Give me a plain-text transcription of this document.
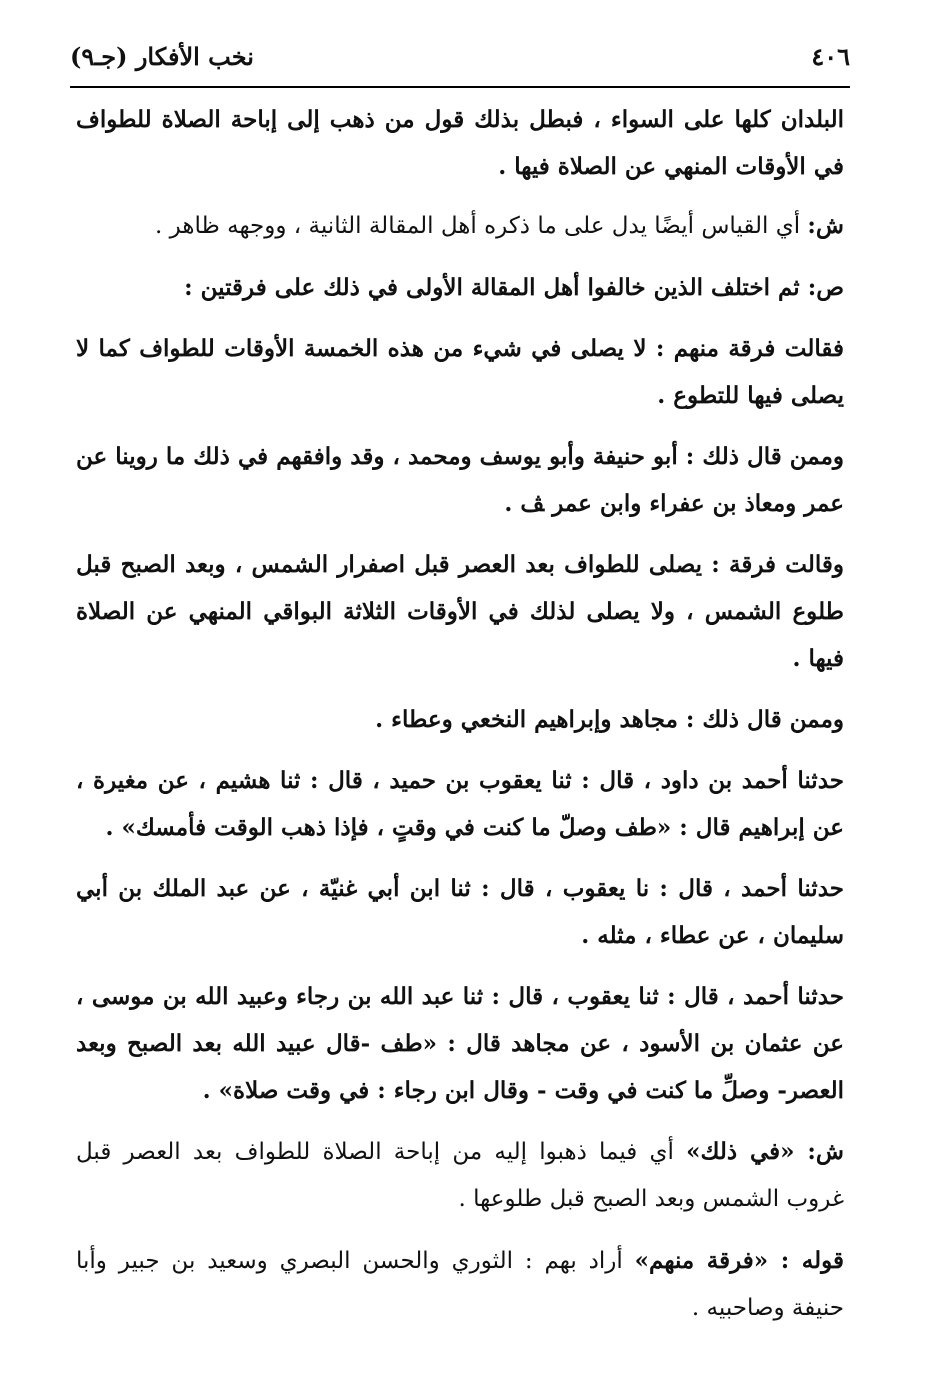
٤٠٦
نخب الأفكار (جـ٩)

البلدان كلها على السواء ، فبطل بذلك قول من ذهب إلى إباحة الصلاة للطواف في الأوقات المنهي عن الصلاة فيها .

ش: أي القياس أيضًا يدل على ما ذكره أهل المقالة الثانية ، ووجهه ظاهر .

ص: ثم اختلف الذين خالفوا أهل المقالة الأولى في ذلك على فرقتين :

فقالت فرقة منهم : لا يصلى في شيء من هذه الخمسة الأوقات للطواف كما لا يصلى فيها للتطوع .

وممن قال ذلك : أبو حنيفة وأبو يوسف ومحمد ، وقد وافقهم في ذلك ما روينا عن عمر ومعاذ بن عفراء وابن عمر ﭫ .

وقالت فرقة : يصلى للطواف بعد العصر قبل اصفرار الشمس ، وبعد الصبح قبل طلوع الشمس ، ولا يصلى لذلك في الأوقات الثلاثة البواقي المنهي عن الصلاة فيها .

وممن قال ذلك : مجاهد وإبراهيم النخعي وعطاء .

حدثنا أحمد بن داود ، قال : ثنا يعقوب بن حميد ، قال : ثنا هشيم ، عن مغيرة ، عن إبراهيم قال : «طف وصلّ ما كنت في وقتٍ ، فإذا ذهب الوقت فأمسك» .

حدثنا أحمد ، قال : نا يعقوب ، قال : ثنا ابن أبي غنيّة ، عن عبد الملك بن أبي سليمان ، عن عطاء ، مثله .

حدثنا أحمد ، قال : ثنا يعقوب ، قال : ثنا عبد الله بن رجاء وعبيد الله بن موسى ، عن عثمان بن الأسود ، عن مجاهد قال : «طف -قال عبيد الله بعد الصبح وبعد العصر- وصلِّ ما كنت في وقت - وقال ابن رجاء : في وقت صلاة» .

ش: «في ذلك» أي فيما ذهبوا إليه من إباحة الصلاة للطواف بعد العصر قبل غروب الشمس وبعد الصبح قبل طلوعها .

قوله : «فرقة منهم» أراد بهم : الثوري والحسن البصري وسعيد بن جبير وأبا حنيفة وصاحبيه .
